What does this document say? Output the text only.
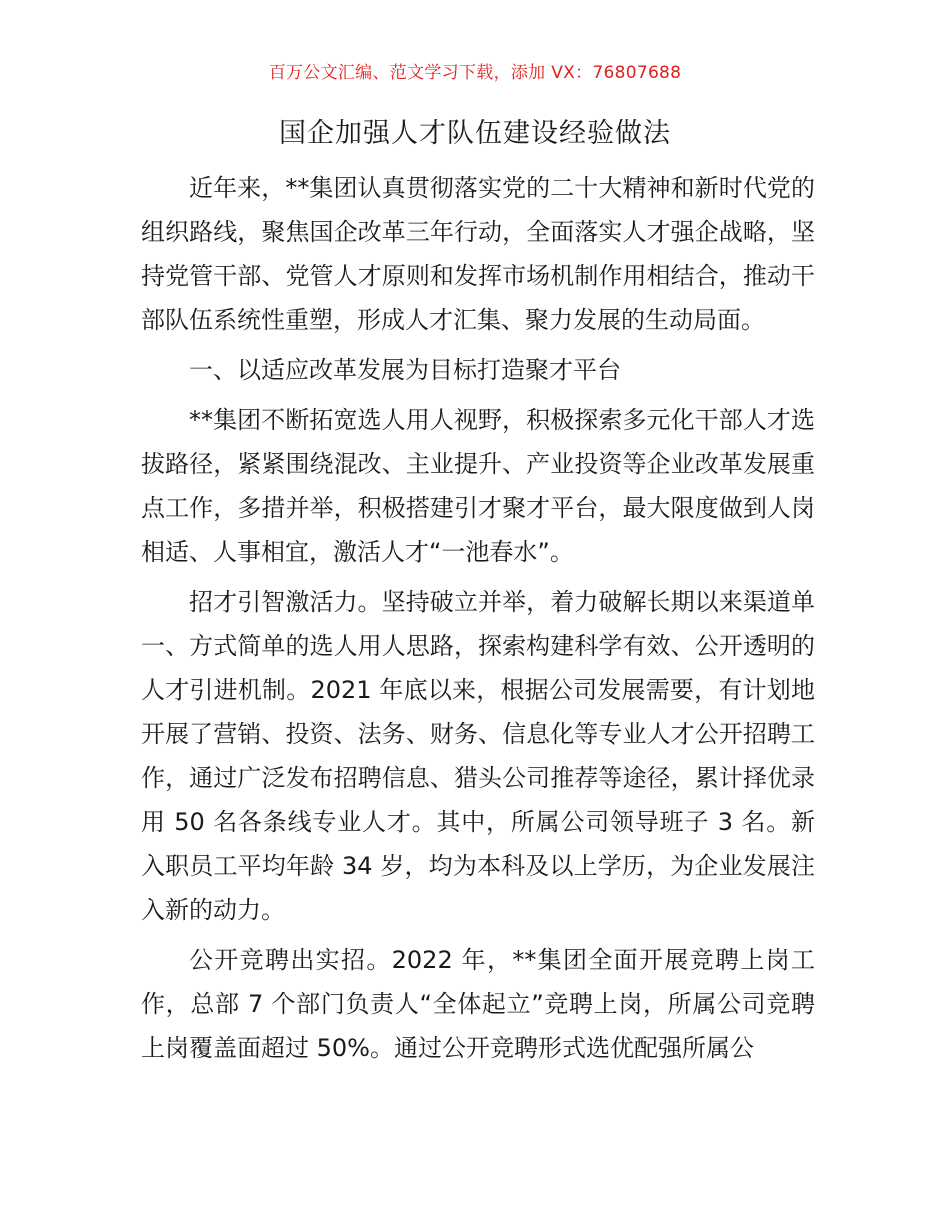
百万公文汇编、范文学习下载，添加 VX：76807688
国企加强人才队伍建设经验做法

近年来，**集团认真贯彻落实党的二十大精神和新时代党的组织路线，聚焦国企改革三年行动，全面落实人才强企战略，坚持党管干部、党管人才原则和发挥市场机制作用相结合，推动干部队伍系统性重塑，形成人才汇集、聚力发展的生动局面。

一、以适应改革发展为目标打造聚才平台

**集团不断拓宽选人用人视野，积极探索多元化干部人才选拔路径，紧紧围绕混改、主业提升、产业投资等企业改革发展重点工作，多措并举，积极搭建引才聚才平台，最大限度做到人岗相适、人事相宜，激活人才“一池春水”。

招才引智激活力。坚持破立并举，着力破解长期以来渠道单一、方式简单的选人用人思路，探索构建科学有效、公开透明的人才引进机制。2021 年底以来，根据公司发展需要，有计划地开展了营销、投资、法务、财务、信息化等专业人才公开招聘工作，通过广泛发布招聘信息、猎头公司推荐等途径，累计择优录用 50 名各条线专业人才。其中，所属公司领导班子 3 名。新入职员工平均年龄 34 岁，均为本科及以上学历，为企业发展注入新的动力。

公开竞聘出实招。2022 年，**集团全面开展竞聘上岗工作，总部 7 个部门负责人“全体起立”竞聘上岗，所属公司竞聘上岗覆盖面超过 50%。通过公开竞聘形式选优配强所属公
